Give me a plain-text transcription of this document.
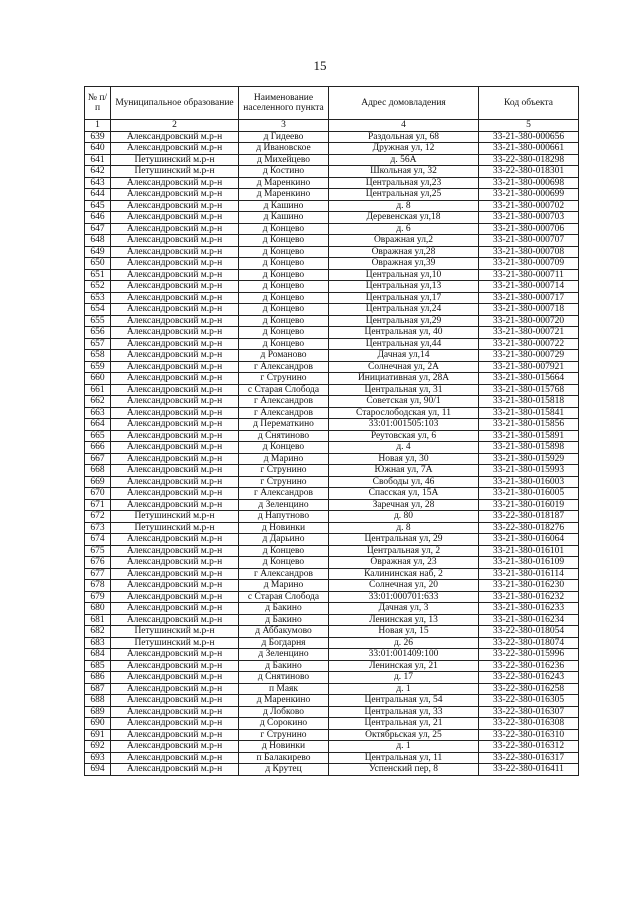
15
№ п/п	Муниципальное образование	Наименование населенного пункта	Адрес домовладения	Код объекта
1	2	3	4	5
639	Александровский м.р-н	д Гидеево	Раздольная ул, 68	33-21-380-000656
640	Александровский м.р-н	д Ивановское	Дружная ул, 12	33-21-380-000661
641	Петушинский м.р-н	д Михейцево	д. 56А	33-22-380-018298
642	Петушинский м.р-н	д Костино	Школьная ул, 32	33-22-380-018301
643	Александровский м.р-н	д Маренкино	Центральная ул,23	33-21-380-000698
644	Александровский м.р-н	д Маренкино	Центральная ул,25	33-21-380-000699
645	Александровский м.р-н	д Кашино	д. 8	33-21-380-000702
646	Александровский м.р-н	д Кашино	Деревенская ул,18	33-21-380-000703
647	Александровский м.р-н	д Концево	д. 6	33-21-380-000706
648	Александровский м.р-н	д Концево	Овражная ул,2	33-21-380-000707
649	Александровский м.р-н	д Концево	Овражная ул,28	33-21-380-000708
650	Александровский м.р-н	д Концево	Овражная ул,39	33-21-380-000709
651	Александровский м.р-н	д Концево	Центральная ул,10	33-21-380-000711
652	Александровский м.р-н	д Концево	Центральная ул,13	33-21-380-000714
653	Александровский м.р-н	д Концево	Центральная ул,17	33-21-380-000717
654	Александровский м.р-н	д Концево	Центральная ул,24	33-21-380-000718
655	Александровский м.р-н	д Концево	Центральная ул,29	33-21-380-000720
656	Александровский м.р-н	д Концево	Центральная ул, 40	33-21-380-000721
657	Александровский м.р-н	д Концево	Центральная ул,44	33-21-380-000722
658	Александровский м.р-н	д Романово	Дачная ул,14	33-21-380-000729
659	Александровский м.р-н	г Александров	Солнечная ул, 2А	33-21-380-007921
660	Александровский м.р-н	г Струнино	Инициативная ул, 28А	33-21-380-015664
661	Александровский м.р-н	с Старая Слобода	Центральная ул, 31	33-21-380-015768
662	Александровский м.р-н	г Александров	Советская ул, 90/1	33-21-380-015818
663	Александровский м.р-н	г Александров	Старослободская ул, 11	33-21-380-015841
664	Александровский м.р-н	д Перематкино	33:01:001505:103	33-21-380-015856
665	Александровский м.р-н	д Снятиново	Реутовская ул, 6	33-21-380-015891
666	Александровский м.р-н	д Концево	д. 4	33-21-380-015898
667	Александровский м.р-н	д Марино	Новая ул, 30	33-21-380-015929
668	Александровский м.р-н	г Струнино	Южная ул, 7А	33-21-380-015993
669	Александровский м.р-н	г Струнино	Свободы ул, 46	33-21-380-016003
670	Александровский м.р-н	г Александров	Спасская ул, 15А	33-21-380-016005
671	Александровский м.р-н	д Зеленцино	Заречная ул, 28	33-21-380-016019
672	Петушинский м.р-н	д Напутново	д. 80	33-22-380-018187
673	Петушинский м.р-н	д Новинки	д. 8	33-22-380-018276
674	Александровский м.р-н	д Дарьино	Центральная ул, 29	33-21-380-016064
675	Александровский м.р-н	д Концево	Центральная ул, 2	33-21-380-016101
676	Александровский м.р-н	д Концево	Овражная ул, 23	33-21-380-016109
677	Александровский м.р-н	г Александров	Калининская наб, 2	33-21-380-016114
678	Александровский м.р-н	д Марино	Солнечная ул, 20	33-21-380-016230
679	Александровский м.р-н	с Старая Слобода	33:01:000701:633	33-21-380-016232
680	Александровский м.р-н	д Бакино	Дачная ул, 3	33-21-380-016233
681	Александровский м.р-н	д Бакино	Ленинская ул, 13	33-21-380-016234
682	Петушинский м.р-н	д Аббакумово	Новая ул, 15	33-22-380-018054
683	Петушинский м.р-н	д Богдарня	д. 26	33-22-380-018074
684	Александровский м.р-н	д Зеленцино	33:01:001409:100	33-22-380-015996
685	Александровский м.р-н	д Бакино	Ленинская ул, 21	33-22-380-016236
686	Александровский м.р-н	д Снятиново	д. 17	33-22-380-016243
687	Александровский м.р-н	п Маяк	д. 1	33-22-380-016258
688	Александровский м.р-н	д Маренкино	Центральная ул, 54	33-22-380-016305
689	Александровский м.р-н	д Лобково	Центральная ул, 33	33-22-380-016307
690	Александровский м.р-н	д Сорокино	Центральная ул, 21	33-22-380-016308
691	Александровский м.р-н	г Струнино	Октябрьская ул, 25	33-22-380-016310
692	Александровский м.р-н	д Новинки	д. 1	33-22-380-016312
693	Александровский м.р-н	п Балакирево	Центральная ул, 11	33-22-380-016317
694	Александровский м.р-н	д Крутец	Успенский пер, 8	33-22-380-016411
